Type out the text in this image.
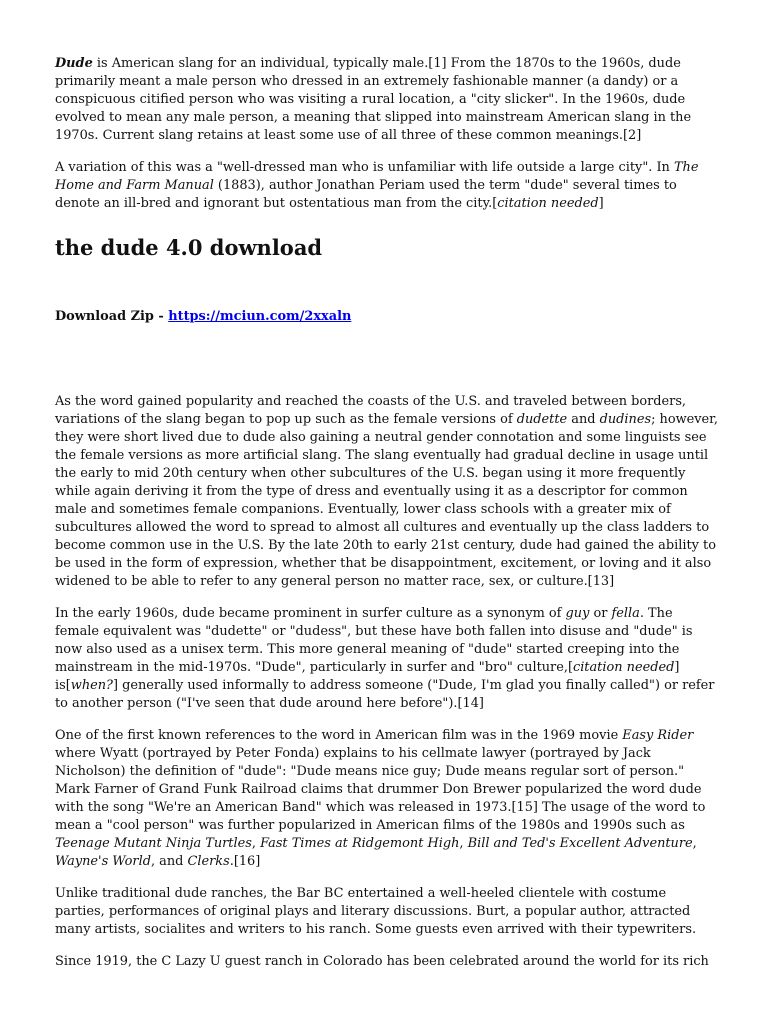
Dude is American slang for an individual, typically male.[1] From the 1870s to the 1960s, dude primarily meant a male person who dressed in an extremely fashionable manner (a dandy) or a conspicuous citified person who was visiting a rural location, a "city slicker". In the 1960s, dude evolved to mean any male person, a meaning that slipped into mainstream American slang in the 1970s. Current slang retains at least some use of all three of these common meanings.[2]

A variation of this was a "well-dressed man who is unfamiliar with life outside a large city". In The Home and Farm Manual (1883), author Jonathan Periam used the term "dude" several times to denote an ill-bred and ignorant but ostentatious man from the city.[citation needed]

the dude 4.0 download
Download Zip - https://mciun.com/2xxaln

As the word gained popularity and reached the coasts of the U.S. and traveled between borders, variations of the slang began to pop up such as the female versions of dudette and dudines; however, they were short lived due to dude also gaining a neutral gender connotation and some linguists see the female versions as more artificial slang. The slang eventually had gradual decline in usage until the early to mid 20th century when other subcultures of the U.S. began using it more frequently while again deriving it from the type of dress and eventually using it as a descriptor for common male and sometimes female companions. Eventually, lower class schools with a greater mix of subcultures allowed the word to spread to almost all cultures and eventually up the class ladders to become common use in the U.S. By the late 20th to early 21st century, dude had gained the ability to be used in the form of expression, whether that be disappointment, excitement, or loving and it also widened to be able to refer to any general person no matter race, sex, or culture.[13]

In the early 1960s, dude became prominent in surfer culture as a synonym of guy or fella. The female equivalent was "dudette" or "dudess", but these have both fallen into disuse and "dude" is now also used as a unisex term. This more general meaning of "dude" started creeping into the mainstream in the mid-1970s. "Dude", particularly in surfer and "bro" culture,[citation needed] is[when?] generally used informally to address someone ("Dude, I'm glad you finally called") or refer to another person ("I've seen that dude around here before").[14]

One of the first known references to the word in American film was in the 1969 movie Easy Rider where Wyatt (portrayed by Peter Fonda) explains to his cellmate lawyer (portrayed by Jack Nicholson) the definition of "dude": "Dude means nice guy; Dude means regular sort of person." Mark Farner of Grand Funk Railroad claims that drummer Don Brewer popularized the word dude with the song "We're an American Band" which was released in 1973.[15] The usage of the word to mean a "cool person" was further popularized in American films of the 1980s and 1990s such as Teenage Mutant Ninja Turtles, Fast Times at Ridgemont High, Bill and Ted's Excellent Adventure, Wayne's World, and Clerks.[16]

Unlike traditional dude ranches, the Bar BC entertained a well-heeled clientele with costume parties, performances of original plays and literary discussions. Burt, a popular author, attracted many artists, socialites and writers to his ranch. Some guests even arrived with their typewriters.

Since 1919, the C Lazy U guest ranch in Colorado has been celebrated around the world for its rich
